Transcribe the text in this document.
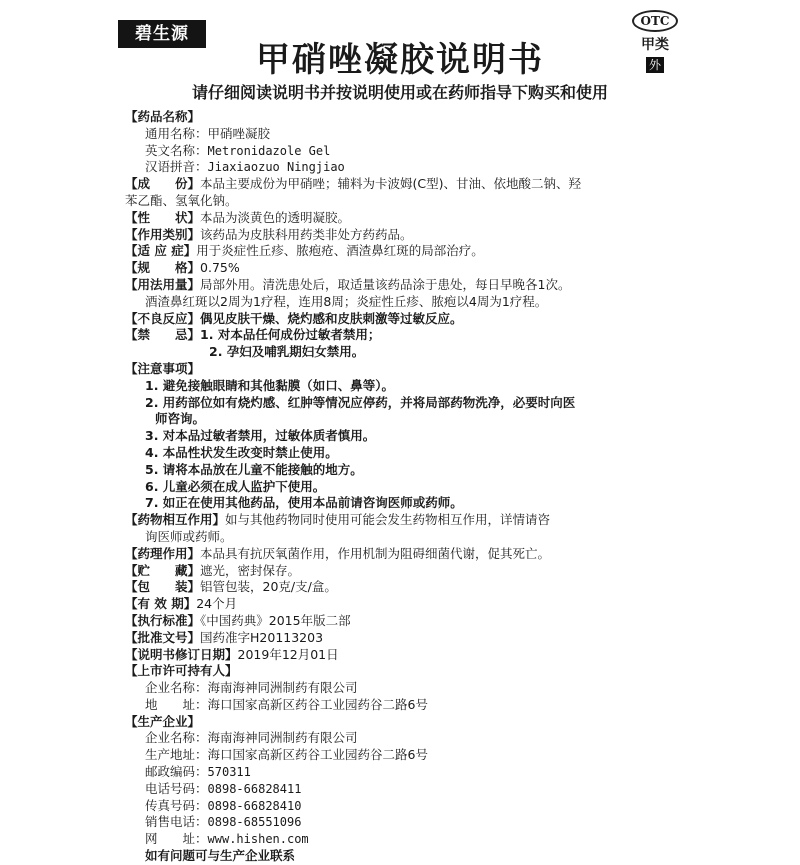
碧生源
OTC
甲类
外
甲硝唑凝胶说明书
请仔细阅读说明书并按说明使用或在药师指导下购买和使用
【药品名称】
通用名称：甲硝唑凝胶
英文名称：Metronidazole Gel
汉语拼音：Jiaxiaozuo Ningjiao
【成　　份】本品主要成份为甲硝唑；辅料为卡波姆(C型)、甘油、依地酸二钠、羟
苯乙酯、氢氧化钠。
【性　　状】本品为淡黄色的透明凝胶。
【作用类别】该药品为皮肤科用药类非处方药药品。
【适 应 症】用于炎症性丘疹、脓疱疮、酒渣鼻红斑的局部治疗。
【规　　格】0.75%
【用法用量】局部外用。清洗患处后，取适量该药品涂于患处，每日早晚各1次。
酒渣鼻红斑以2周为1疗程，连用8周；炎症性丘疹、脓疱以4周为1疗程。
【不良反应】偶见皮肤干燥、烧灼感和皮肤刺激等过敏反应。
【禁　　忌】1. 对本品任何成份过敏者禁用；
2. 孕妇及哺乳期妇女禁用。
【注意事项】
1. 避免接触眼睛和其他黏膜（如口、鼻等）。
2. 用药部位如有烧灼感、红肿等情况应停药，并将局部药物洗净，必要时向医
师咨询。
3. 对本品过敏者禁用，过敏体质者慎用。
4. 本品性状发生改变时禁止使用。
5. 请将本品放在儿童不能接触的地方。
6. 儿童必须在成人监护下使用。
7. 如正在使用其他药品，使用本品前请咨询医师或药师。
【药物相互作用】如与其他药物同时使用可能会发生药物相互作用，详情请咨
询医师或药师。
【药理作用】本品具有抗厌氧菌作用，作用机制为阻碍细菌代谢，促其死亡。
【贮　　藏】遮光，密封保存。
【包　　装】铝管包装，20克/支/盒。
【有 效 期】24个月
【执行标准】《中国药典》2015年版二部
【批准文号】国药准字H20113203
【说明书修订日期】2019年12月01日
【上市许可持有人】
企业名称：海南海神同洲制药有限公司
地　　址：海口国家高新区药谷工业园药谷二路6号
【生产企业】
企业名称：海南海神同洲制药有限公司
生产地址：海口国家高新区药谷工业园药谷二路6号
邮政编码：570311
电话号码：0898-66828411
传真号码：0898-66828410
销售电话：0898-68551096
网　　址：www.hishen.com
如有问题可与生产企业联系
